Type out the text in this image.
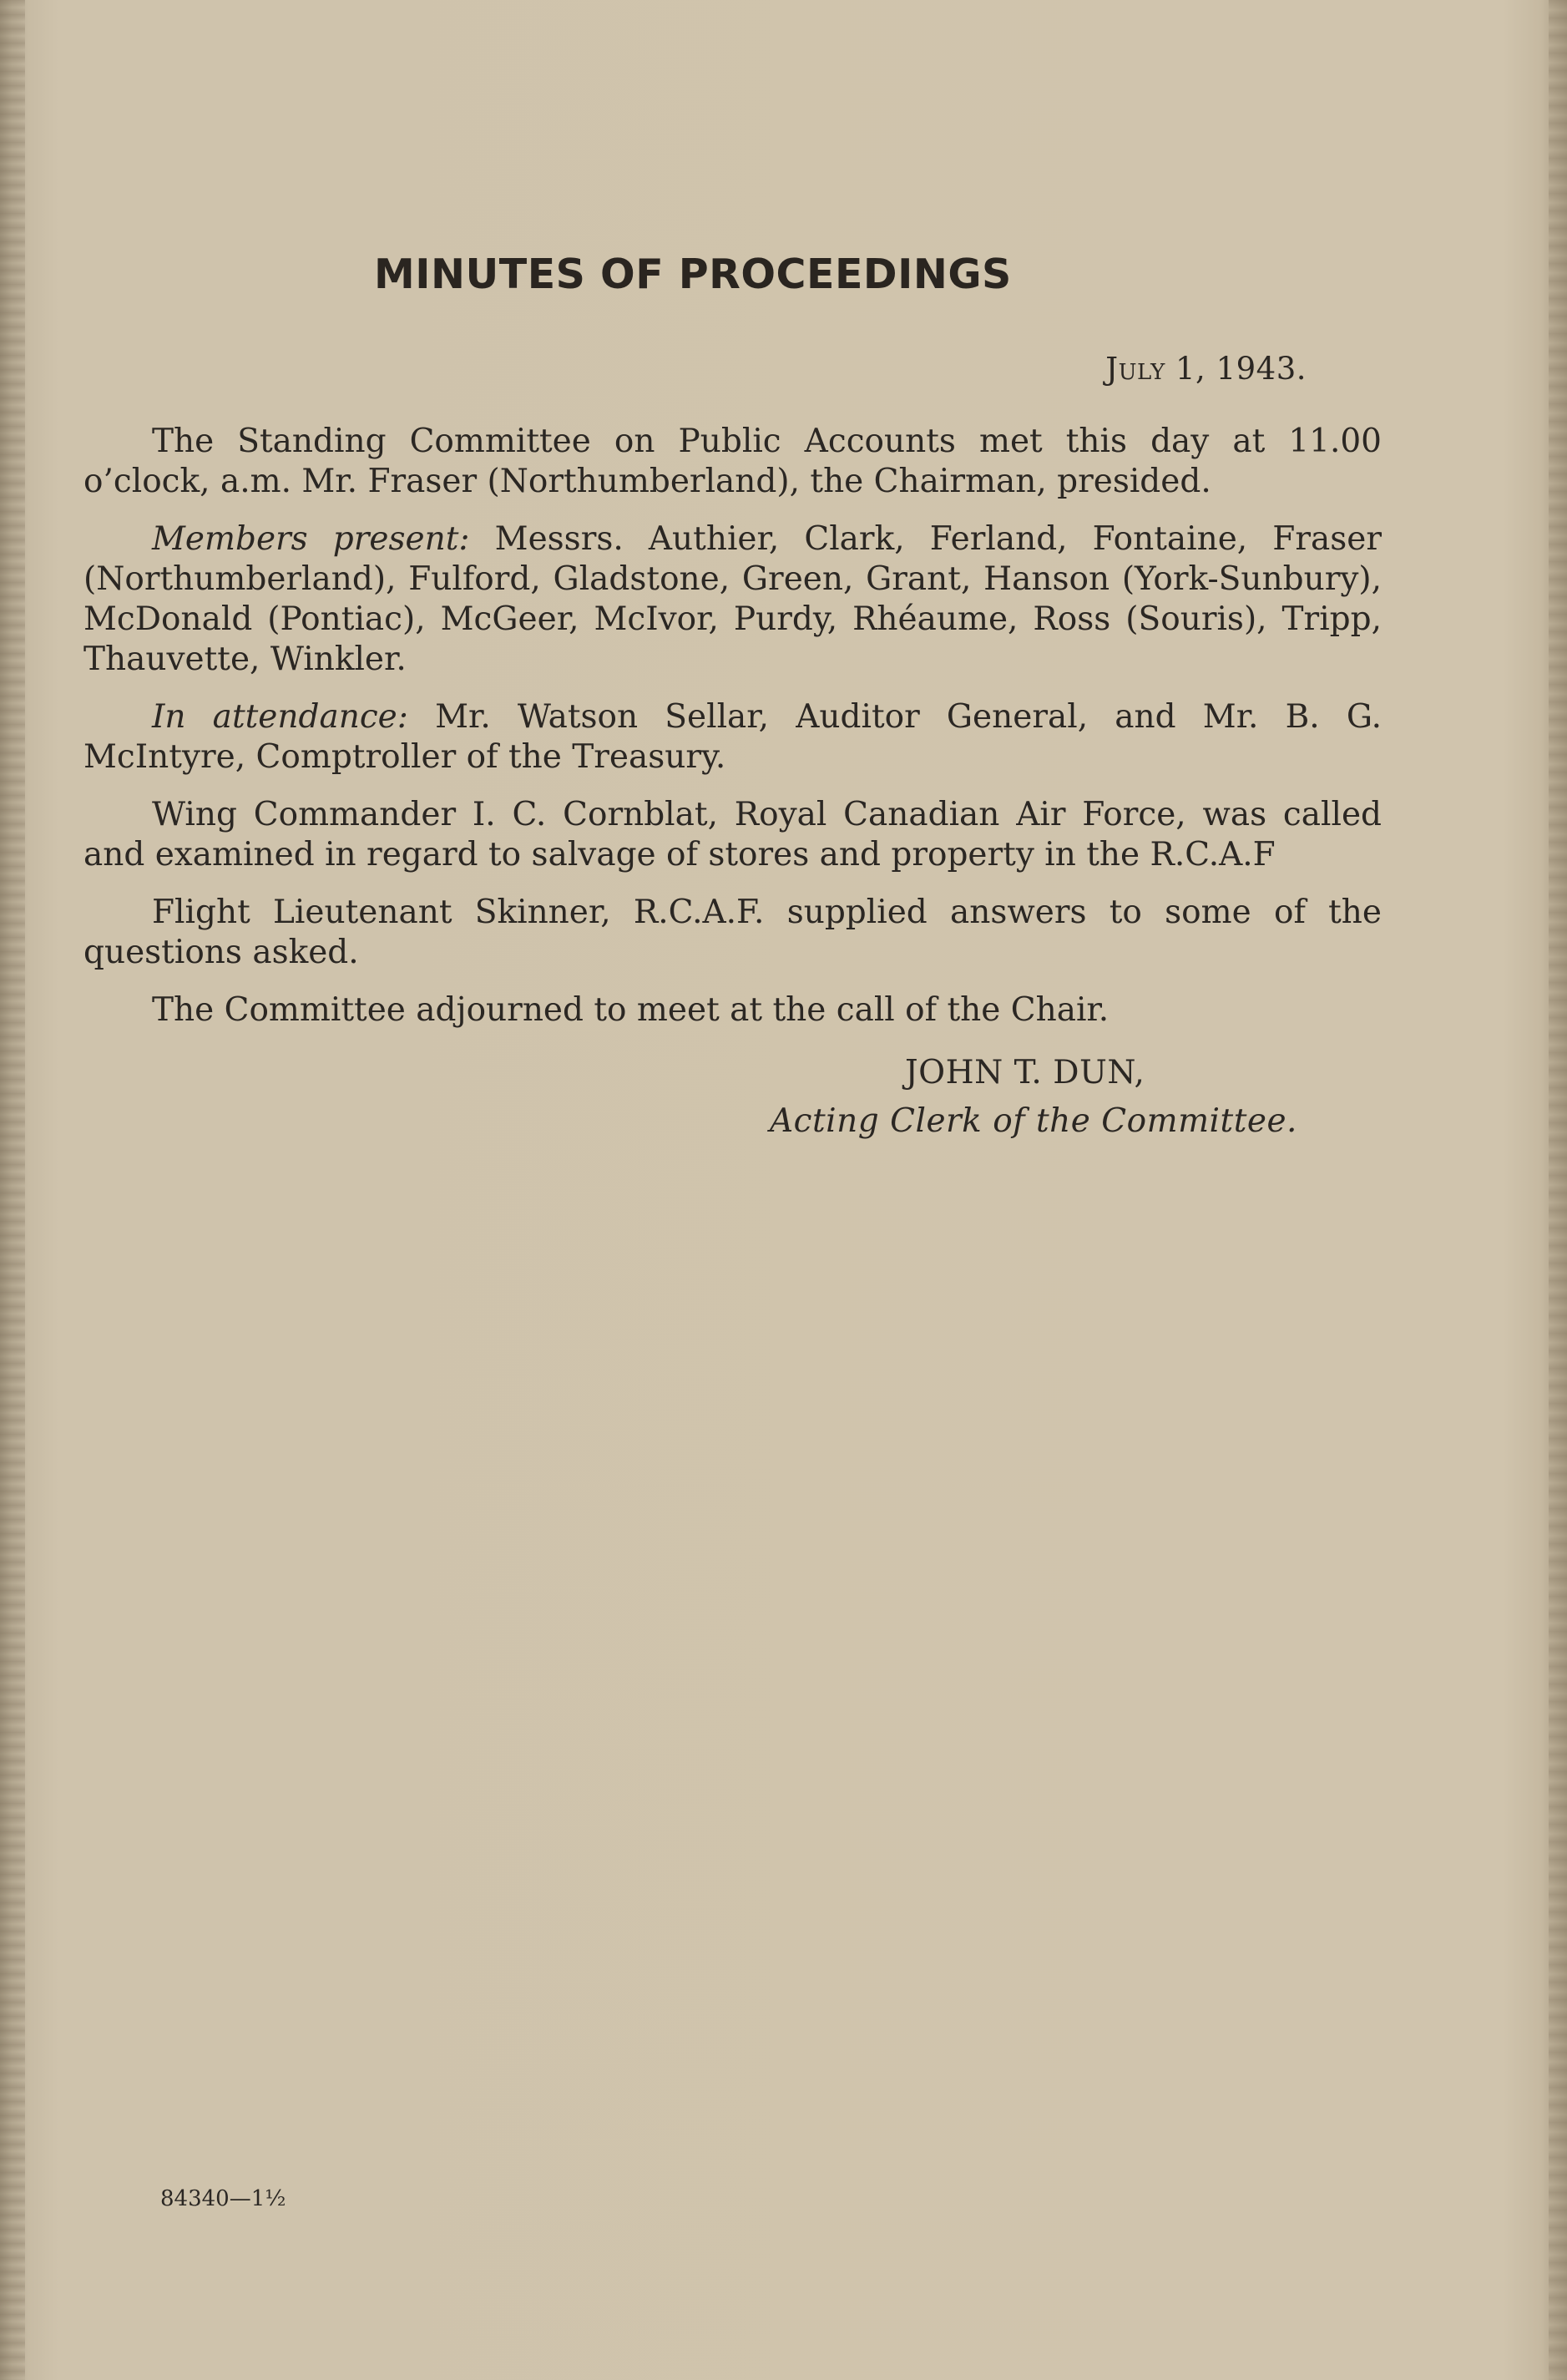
MINUTES OF PROCEEDINGS
July 1, 1943.

The Standing Committee on Public Accounts met this day at 11.00 o’clock, a.m. Mr. Fraser (Northumberland), the Chairman, presided.

Members present: Messrs. Authier, Clark, Ferland, Fontaine, Fraser (Northumberland), Fulford, Gladstone, Green, Grant, Hanson (York-Sunbury), McDonald (Pontiac), McGeer, McIvor, Purdy, Rhéaume, Ross (Souris), Tripp, Thauvette, Winkler.

In attendance: Mr. Watson Sellar, Auditor General, and Mr. B. G. McIntyre, Comptroller of the Treasury.

Wing Commander I. C. Cornblat, Royal Canadian Air Force, was called and examined in regard to salvage of stores and property in the R.C.A.F

Flight Lieutenant Skinner, R.C.A.F. supplied answers to some of the questions asked.

The Committee adjourned to meet at the call of the Chair.

JOHN T. DUN,
Acting Clerk of the Committee.
84340—1½
